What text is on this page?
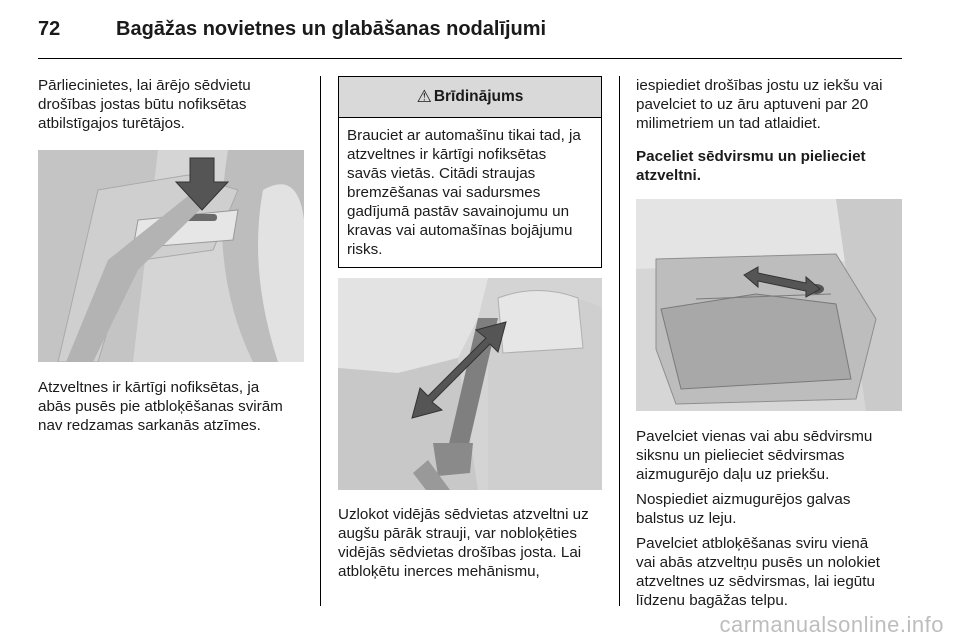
72	Bagāžas novietnes un glabāšanas nodalījumi

Pārliecinietes, lai ārējo sēdvietu
drošības jostas būtu nofiksētas
atbilstīgajos turētājos.

Atzveltnes ir kārtīgi nofiksētas, ja
abās pusēs pie atbloķēšanas svirām
nav redzamas sarkanās atzīmes.

⚠ Brīdinājums

Brauciet ar automašīnu tikai tad, ja
atzveltnes ir kārtīgi nofiksētas
savās vietās. Citādi straujas
bremzēšanas vai sadursmes
gadījumā pastāv savainojumu un
kravas vai automašīnas bojājumu
risks.

Uzlokot vidējās sēdvietas atzveltni uz
augšu pārāk strauji, var nobloķēties
vidējās sēdvietas drošības josta. Lai
atbloķētu inerces mehānismu,

iespiediet drošības jostu uz iekšu vai
pavelciet to uz āru aptuveni par 20
milimetriem un tad atlaidiet.

Paceliet sēdvirsmu un pielieciet
atzveltni.

Pavelciet vienas vai abu sēdvirsmu
siksnu un pielieciet sēdvirsmas
aizmugurējo daļu uz priekšu.

Nospiediet aizmugurējos galvas
balstus uz leju.

Pavelciet atbloķēšanas sviru vienā
vai abās atzveltņu pusēs un nolokiet
atzveltnes uz sēdvirsmas, lai iegūtu
līdzenu bagāžas telpu.

carmanualsonline.info
